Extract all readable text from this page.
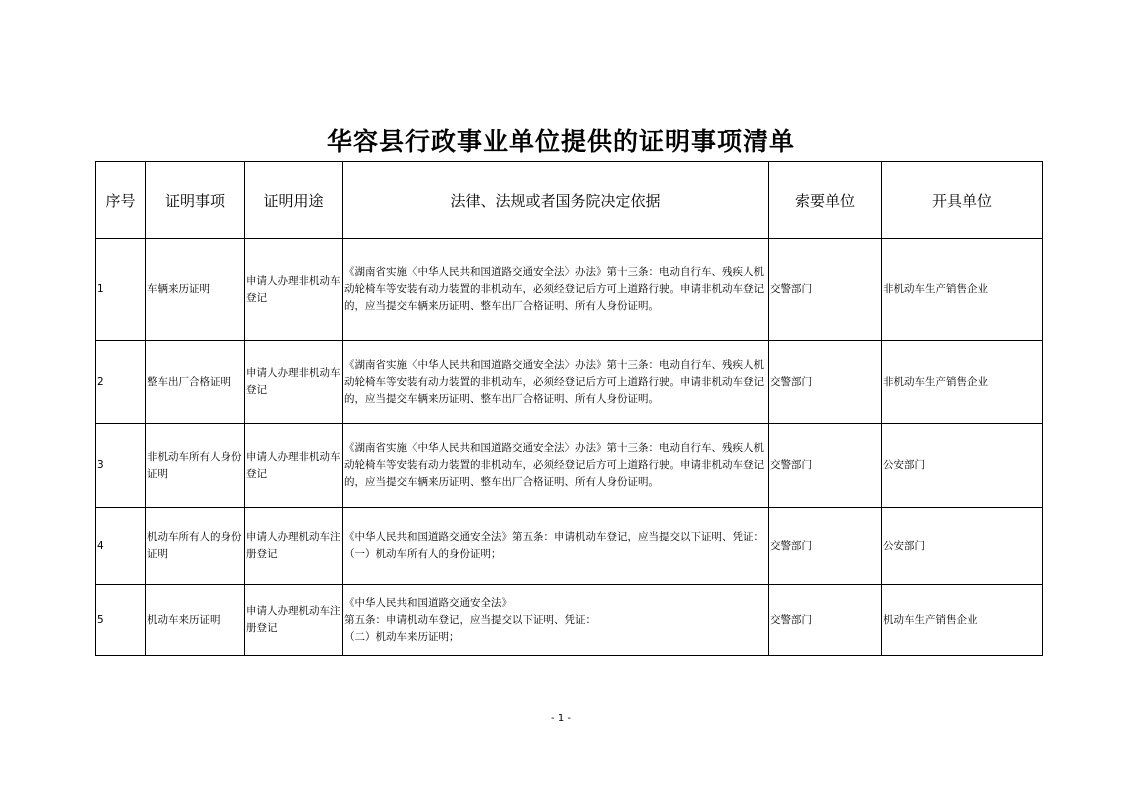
华容县行政事业单位提供的证明事项清单
序号	证明事项	证明用途	法律、法规或者国务院决定依据	索要单位	开具单位
1	车辆来历证明	申请人办理非机动车登记	《湖南省实施〈中华人民共和国道路交通安全法〉办法》第十三条：电动自行车、残疾人机动轮椅车等安装有动力装置的非机动车，必须经登记后方可上道路行驶。申请非机动车登记的，应当提交车辆来历证明、整车出厂合格证明、所有人身份证明。	交警部门	非机动车生产销售企业
2	整车出厂合格证明	申请人办理非机动车登记	《湖南省实施〈中华人民共和国道路交通安全法〉办法》第十三条：电动自行车、残疾人机动轮椅车等安装有动力装置的非机动车，必须经登记后方可上道路行驶。申请非机动车登记的，应当提交车辆来历证明、整车出厂合格证明、所有人身份证明。	交警部门	非机动车生产销售企业
3	非机动车所有人身份证明	申请人办理非机动车登记	《湖南省实施〈中华人民共和国道路交通安全法〉办法》第十三条：电动自行车、残疾人机动轮椅车等安装有动力装置的非机动车，必须经登记后方可上道路行驶。申请非机动车登记的，应当提交车辆来历证明、整车出厂合格证明、所有人身份证明。	交警部门	公安部门
4	机动车所有人的身份证明	申请人办理机动车注册登记	《中华人民共和国道路交通安全法》第五条：申请机动车登记，应当提交以下证明、凭证：（一）机动车所有人的身份证明；	交警部门	公安部门
5	机动车来历证明	申请人办理机动车注册登记	《中华人民共和国道路交通安全法》
第五条：申请机动车登记，应当提交以下证明、凭证：
（二）机动车来历证明；	交警部门	机动车生产销售企业
- 1 -
